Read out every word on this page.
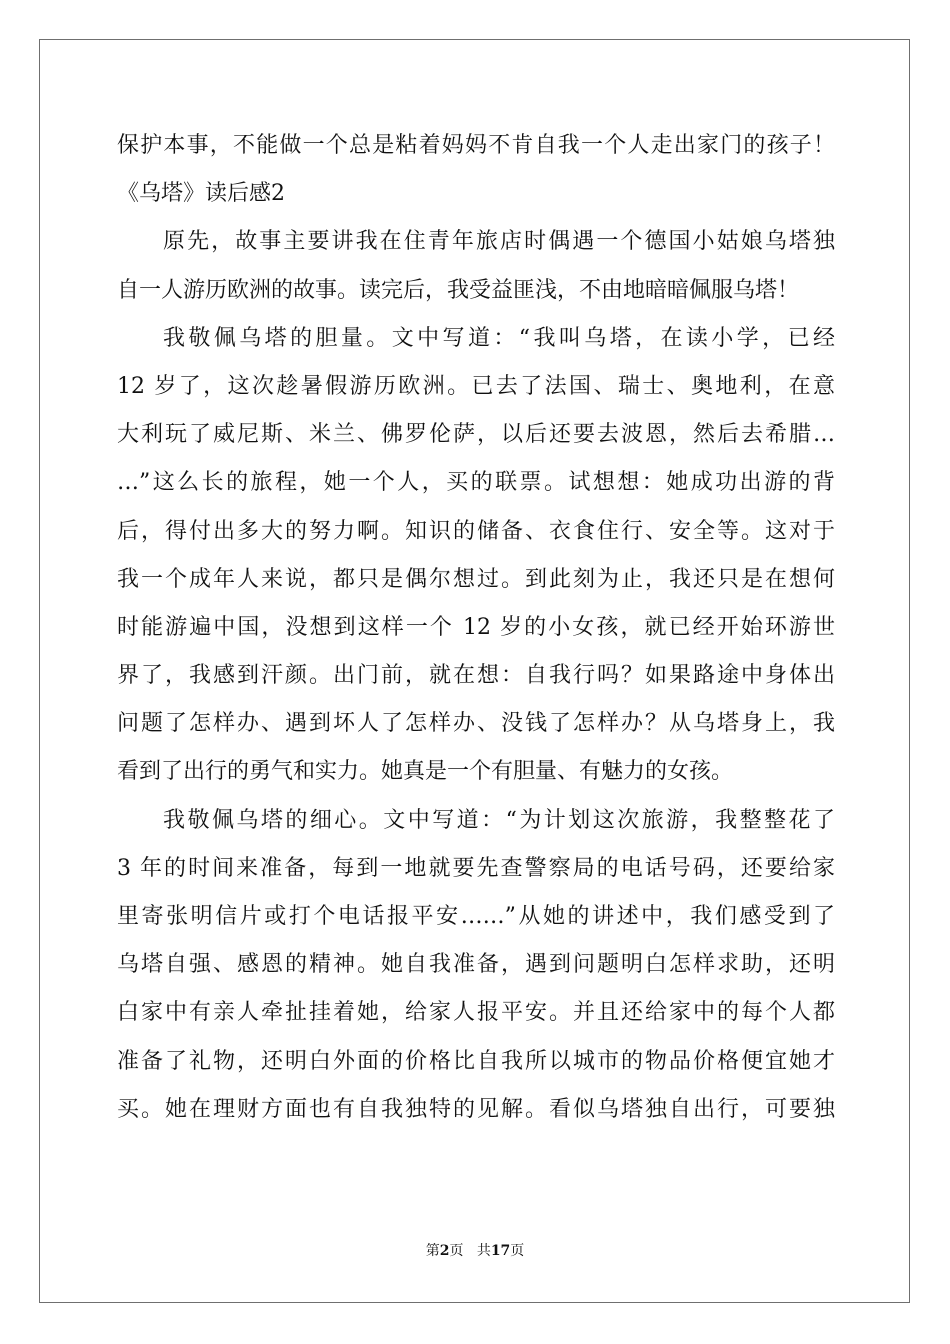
保护本事，不能做一个总是粘着妈妈不肯自我一个人走出家门的孩子！
《乌塔》读后感2
原先，故事主要讲我在住青年旅店时偶遇一个德国小姑娘乌塔独
自一人游历欧洲的故事。读完后，我受益匪浅，不由地暗暗佩服乌塔！
我敬佩乌塔的胆量。文中写道：“我叫乌塔，在读小学，已经
12 岁了，这次趁暑假游历欧洲。已去了法国、瑞士、奥地利，在意
大利玩了威尼斯、米兰、佛罗伦萨，以后还要去波恩，然后去希腊…
…”这么长的旅程，她一个人，买的联票。试想想：她成功出游的背
后，得付出多大的努力啊。知识的储备、衣食住行、安全等。这对于
我一个成年人来说，都只是偶尔想过。到此刻为止，我还只是在想何
时能游遍中国，没想到这样一个 12 岁的小女孩，就已经开始环游世
界了，我感到汗颜。出门前，就在想：自我行吗？如果路途中身体出
问题了怎样办、遇到坏人了怎样办、没钱了怎样办？从乌塔身上，我
看到了出行的勇气和实力。她真是一个有胆量、有魅力的女孩。
我敬佩乌塔的细心。文中写道：“为计划这次旅游，我整整花了
3 年的时间来准备，每到一地就要先查警察局的电话号码，还要给家
里寄张明信片或打个电话报平安……”从她的讲述中，我们感受到了
乌塔自强、感恩的精神。她自我准备，遇到问题明白怎样求助，还明
白家中有亲人牵扯挂着她，给家人报平安。并且还给家中的每个人都
准备了礼物，还明白外面的价格比自我所以城市的物品价格便宜她才
买。她在理财方面也有自我独特的见解。看似乌塔独自出行，可要独
第2页 共17页
